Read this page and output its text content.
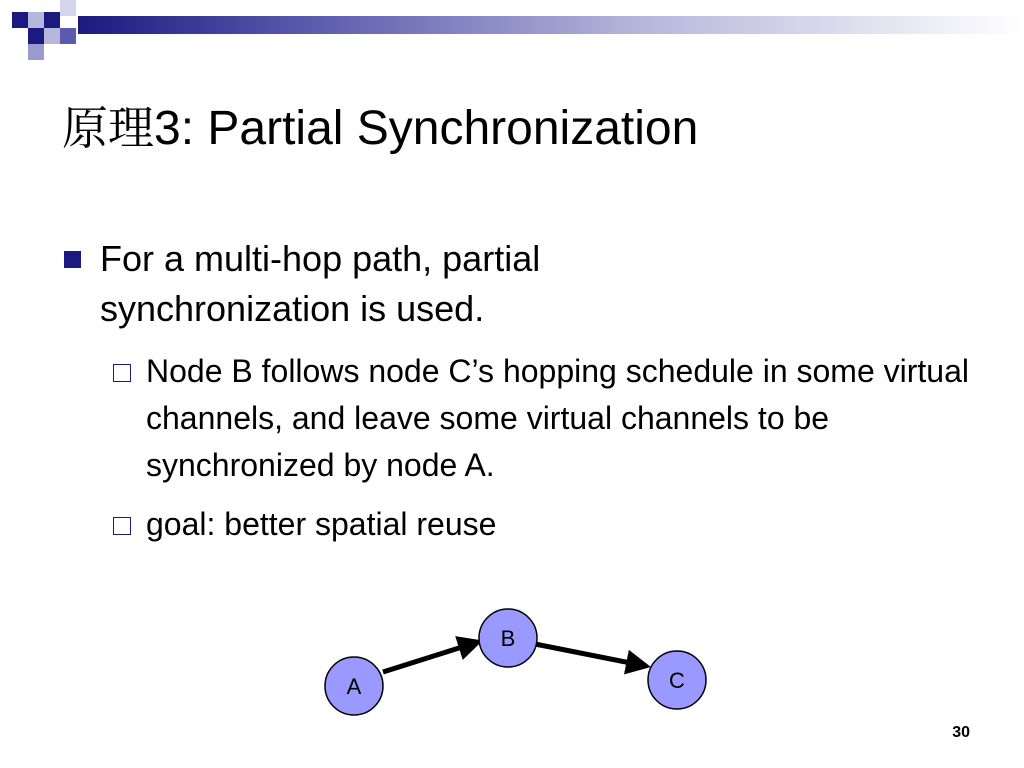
原理3: Partial Synchronization
For a multi-hop path, partial synchronization is used.
Node B follows node C’s hopping schedule in some virtual channels, and leave some virtual channels to be synchronized by node A.
goal: better spatial reuse
A
B
C
30
